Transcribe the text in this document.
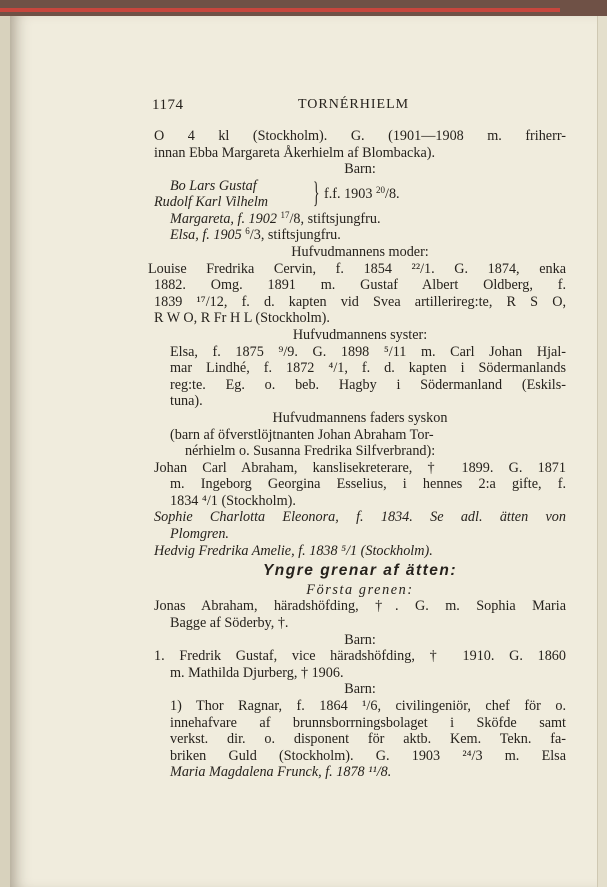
1174	TORNÉRHIELM
O 4 kl (Stockholm). G. (1901—1908 m. friherr-
innan Ebba Margareta Åkerhielm af Blombacka).
Barn:
Bo Lars Gustaf
Rudolf Karl Vilhelm } f.f. 1903 $^{20}$/8.
Margareta, f. 1902 $^{17}$/8, stiftsjungfru.
Elsa, f. 1905 $^6$/3, stiftsjungfru.
Hufvudmannens moder:
Louise Fredrika Cervin, f. 1854 ²²/1. G. 1874, enka
1882. Omg. 1891 m. Gustaf Albert Oldberg, f.
1839 ¹⁷/12, f. d. kapten vid Svea artillerireg:te, R S O,
R W O, R Fr H L (Stockholm).
Hufvudmannens syster:
Elsa, f. 1875 ⁹/9. G. 1898 ⁵/11 m. Carl Johan Hjal-
mar Lindhé, f. 1872 ⁴/1, f. d. kapten i Södermanlands
reg:te. Eg. o. beb. Hagby i Södermanland (Eskils-
tuna).
Hufvudmannens faders syskon
(barn af öfverstlöjtnanten Johan Abraham Tor-
nérhielm o. Susanna Fredrika Silfverbrand):
Johan Carl Abraham, kanslisekreterare, † 1899. G. 1871
m. Ingeborg Georgina Esselius, i hennes 2:a gifte, f.
1834 ⁴/1 (Stockholm).
Sophie Charlotta Eleonora, f. 1834. Se adl. ätten von
Plomgren.
Hedvig Fredrika Amelie, f. 1838 ⁵/1 (Stockholm).
Yngre grenar af ätten:
Första grenen:
Jonas Abraham, häradshöfding, †. G. m. Sophia Maria
Bagge af Söderby, †.
Barn:
1. Fredrik Gustaf, vice häradshöfding, † 1910. G. 1860
m. Mathilda Djurberg, † 1906.
Barn:
1) Thor Ragnar, f. 1864 ¹/6, civilingeniör, chef för o.
innehafvare af brunnsborrningsbolaget i Sköfde samt
verkst. dir. o. disponent för aktb. Kem. Tekn. fa-
briken Guld (Stockholm). G. 1903 ²⁴/3 m. Elsa
Maria Magdalena Frunck, f. 1878 ¹¹/8.
